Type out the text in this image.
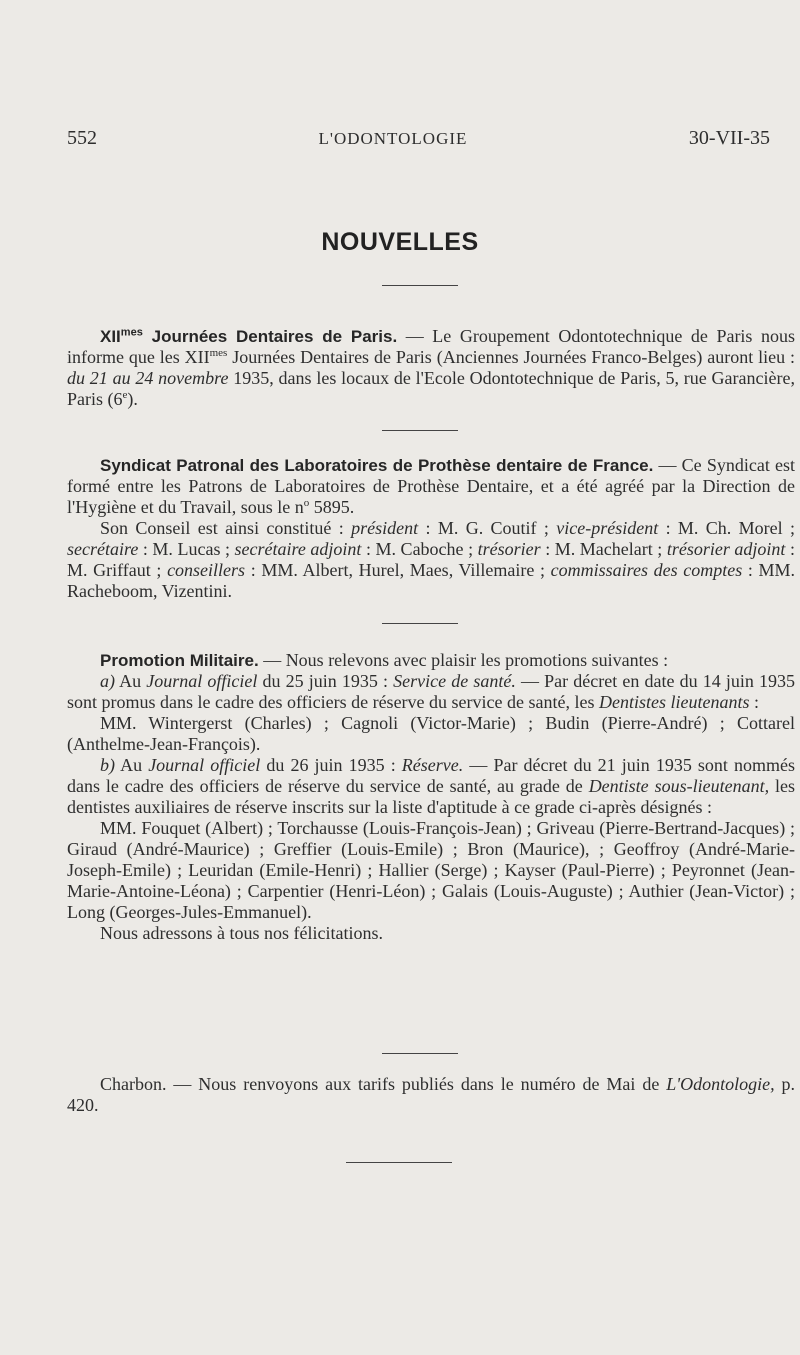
552	L'ODONTOLOGIE	30-VII-35
NOUVELLES

$XII^{mes}$ Journées Dentaires de Paris. — Le Groupement Odontotechnique de Paris nous informe que les $XII^{mes}$ Journées Dentaires de Paris (Anciennes Journées Franco-Belges) auront lieu : du 21 au 24 novembre 1935, dans les locaux de l'Ecole Odontotechnique de Paris, 5, rue Garancière, Paris (6e).

Syndicat Patronal des Laboratoires de Prothèse dentaire de France. — Ce Syndicat est formé entre les Patrons de Laboratoires de Prothèse Dentaire, et a été agréé par la Direction de l'Hygiène et du Travail, sous le $n^o$ 5895.

Son Conseil est ainsi constitué : président : M. G. Coutif ; vice-président : M. Ch. Morel ; secrétaire : M. Lucas ; secrétaire adjoint : M. Caboche ; trésorier : M. Machelart ; trésorier adjoint : M. Griffaut ; conseillers : MM. Albert, Hurel, Maes, Villemaire ; commissaires des comptes : MM. Racheboom, Vizentini.

Promotion Militaire. — Nous relevons avec plaisir les promotions suivantes :

a) Au Journal officiel du 25 juin 1935 : Service de santé. — Par décret en date du 14 juin 1935 sont promus dans le cadre des officiers de réserve du service de santé, les Dentistes lieutenants :

MM. Wintergerst (Charles) ; Cagnoli (Victor-Marie) ; Budin (Pierre-André) ; Cottarel (Anthelme-Jean-François).

b) Au Journal officiel du 26 juin 1935 : Réserve. — Par décret du 21 juin 1935 sont nommés dans le cadre des officiers de réserve du service de santé, au grade de Dentiste sous-lieutenant, les dentistes auxiliaires de réserve inscrits sur la liste d'aptitude à ce grade ci-après désignés :

MM. Fouquet (Albert) ; Torchausse (Louis-François-Jean) ; Griveau (Pierre-Bertrand-Jacques) ; Giraud (André-Maurice) ; Greffier (Louis-Emile) ; Bron (Maurice), ; Geoffroy (André-Marie-Joseph-Emile) ; Leuridan (Emile-Henri) ; Hallier (Serge) ; Kayser (Paul-Pierre) ; Peyronnet (Jean-Marie-Antoine-Léona) ; Carpentier (Henri-Léon) ; Galais (Louis-Auguste) ; Authier (Jean-Victor) ; Long (Georges-Jules-Emmanuel).

Nous adressons à tous nos félicitations.

Charbon. — Nous renvoyons aux tarifs publiés dans le numéro de Mai de L'Odontologie, p. 420.
